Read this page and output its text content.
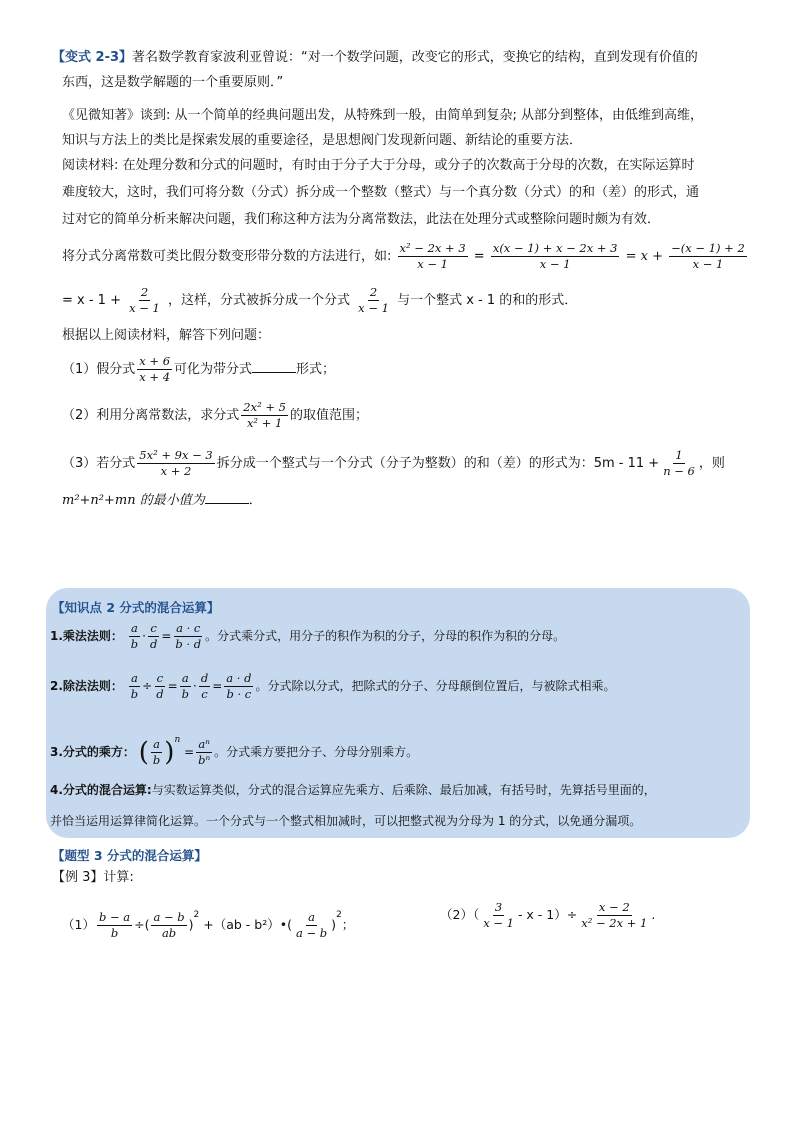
【变式 2-3】著名数学教育家波利亚曾说：“对一个数学问题，改变它的形式，变换它的结构，直到发现有价值的
东西，这是数学解题的一个重要原则．”
《见微知著》谈到: 从一个简单的经典问题出发，从特殊到一般，由简单到复杂; 从部分到整体，由低维到高维，
知识与方法上的类比是探索发展的重要途径，是思想阀门发现新问题、新结论的重要方法．
阅读材料: 在处理分数和分式的问题时，有时由于分子大于分母，或分子的次数高于分母的次数，在实际运算时
难度较大，这时，我们可将分数（分式）拆分成一个整数（整式）与一个真分数（分式）的和（差）的形式，通
过对它的简单分析来解决问题，我们称这种方法为分离常数法，此法在处理分式或整除问题时颇为有效．
将分式分离常数可类比假分数变形带分数的方法进行，如: $\frac{\text{x² − 2x + 3}}{x - 1} = \frac{x(x - 1) + x - 2x + 3}{x - 1} = x + \frac{-(x - 1) + 2}{x - 1}$
= $x - 1 + \frac{2}{x - 1}$ ，这样，分式被拆分成一个分式 $\frac{2}{x - 1}$ 与一个整式 x - 1 的和的形式．
根据以上阅读材料，解答下列问题：
（1）假分式 $\frac{x + 6}{x + 4}$ 可化为带分式	形式；
（2）利用分离常数法，求分式 $\frac{\text{2x² + 5}}{\text{x² + 1}}$ 的取值范围；
（3）若分式 $\frac{\text{5x² + 9x − 3}}{x + 2}$ 拆分成一个整式与一个分式（分子为整数）的和（差）的形式为：$5m - 11 + \frac{1}{n - 6}$ ，则
m²+n²+mn 的最小值为	．
【知识点 2 分式的混合运算】
1.乘法法则： $\frac{a}{b} \cdot \frac{c}{d} = \frac{a \cdot c}{b \cdot d}$ 。分式乘分式，用分子的积作为积的分子，分母的积作为积的分母。
2.除法法则： $\frac{a}{b} \div \frac{c}{d} = \frac{a}{b} \cdot \frac{d}{c} = \frac{a \cdot d}{b \cdot c}$ 。分式除以分式，把除式的分子、分母颠倒位置后，与被除式相乘。
3.分式的乘方： ( $\frac{a}{b} )^n = \frac{\text{aⁿ}}{\text{bⁿ}}$ 。分式乘方要把分子、分母分别乘方。
4.分式的混合运算:与实数运算类似，分式的混合运算应先乘方、后乘除、最后加减，有括号时，先算括号里面的，
并恰当运用运算律简化运算。一个分式与一个整式相加减时，可以把整式视为分母为 1 的分式，以免通分漏项。
【题型 3 分式的混合运算】
【例 3】计算:
$(1) \frac{b - a}{b}$ ÷( $\frac{a - b}{ab} )^2 +(ab$ - b²）•( $\frac{a}{a - b} )^2$；
$(2)( \frac{3}{x - 1} - x - 1)\div \frac{x - 2}{\text{x² − 2x + 1}}$ .
